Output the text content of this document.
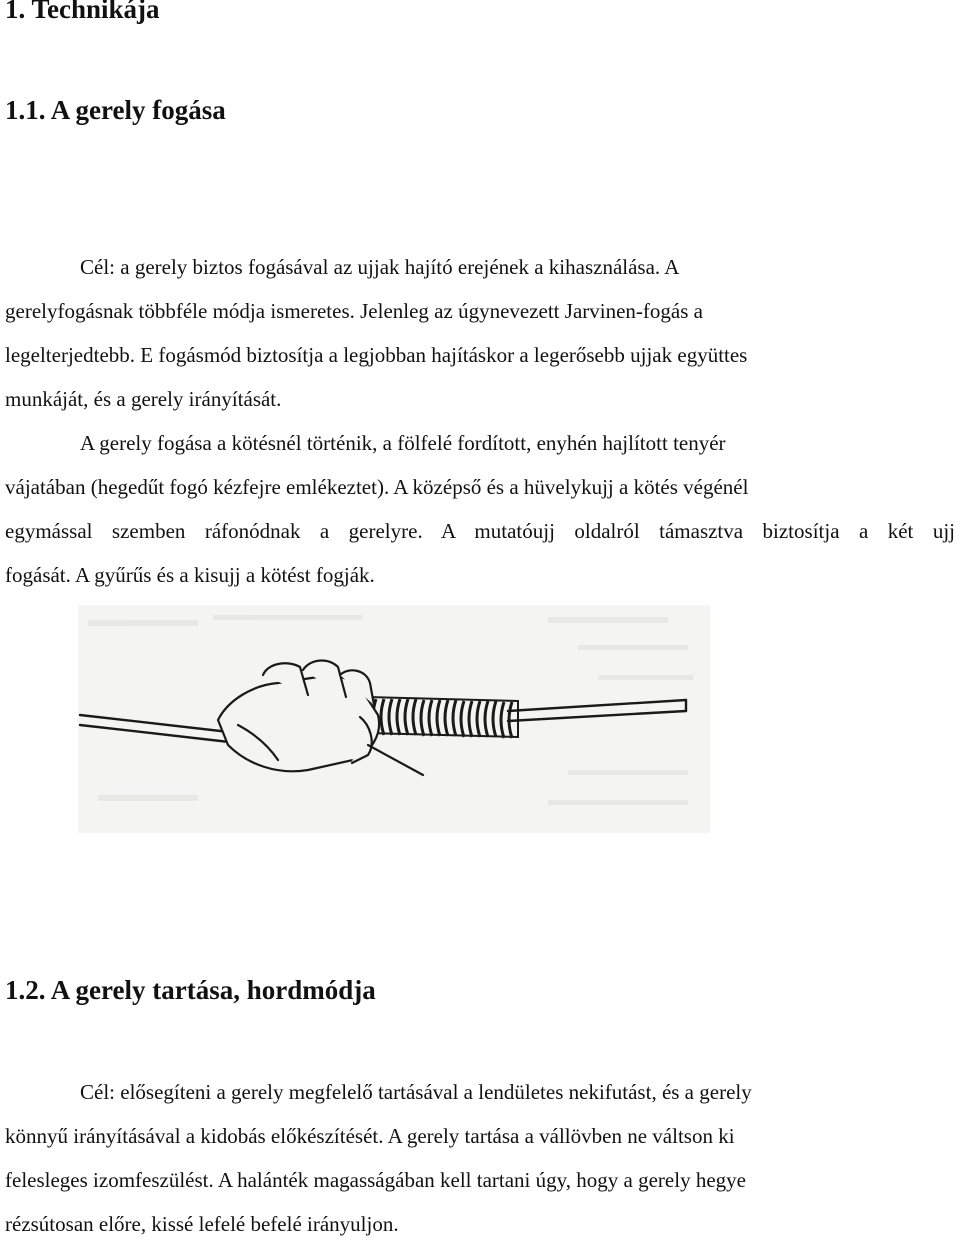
1. Technikája
1.1. A gerely fogása

Cél: a gerely biztos fogásával az ujjak hajító erejének a kihasználása. A

gerelyfogásnak többféle módja ismeretes. Jelenleg az úgynevezett Jarvinen-fogás a

legelterjedtebb. E fogásmód biztosítja a legjobban hajításkor a legerősebb ujjak együttes

munkáját, és a gerely irányítását.

A gerely fogása a kötésnél történik, a fölfelé fordított, enyhén hajlított tenyér

vájatában (hegedűt fogó kézfejre emlékeztet). A középső és a hüvelykujj a kötés végénél

egymással szemben ráfonódnak a gerelyre. A mutatóujj oldalról támasztva biztosítja a két ujj

fogását. A gyűrűs és a kisujj a kötést fogják.

1.2. A gerely tartása, hordmódja

Cél: elősegíteni a gerely megfelelő tartásával a lendületes nekifutást, és a gerely

könnyű irányításával a kidobás előkészítését. A gerely tartása a vállövben ne váltson ki

felesleges izomfeszülést. A halánték magasságában kell tartani úgy, hogy a gerely hegye

rézsútosan előre, kissé lefelé befelé irányuljon.
